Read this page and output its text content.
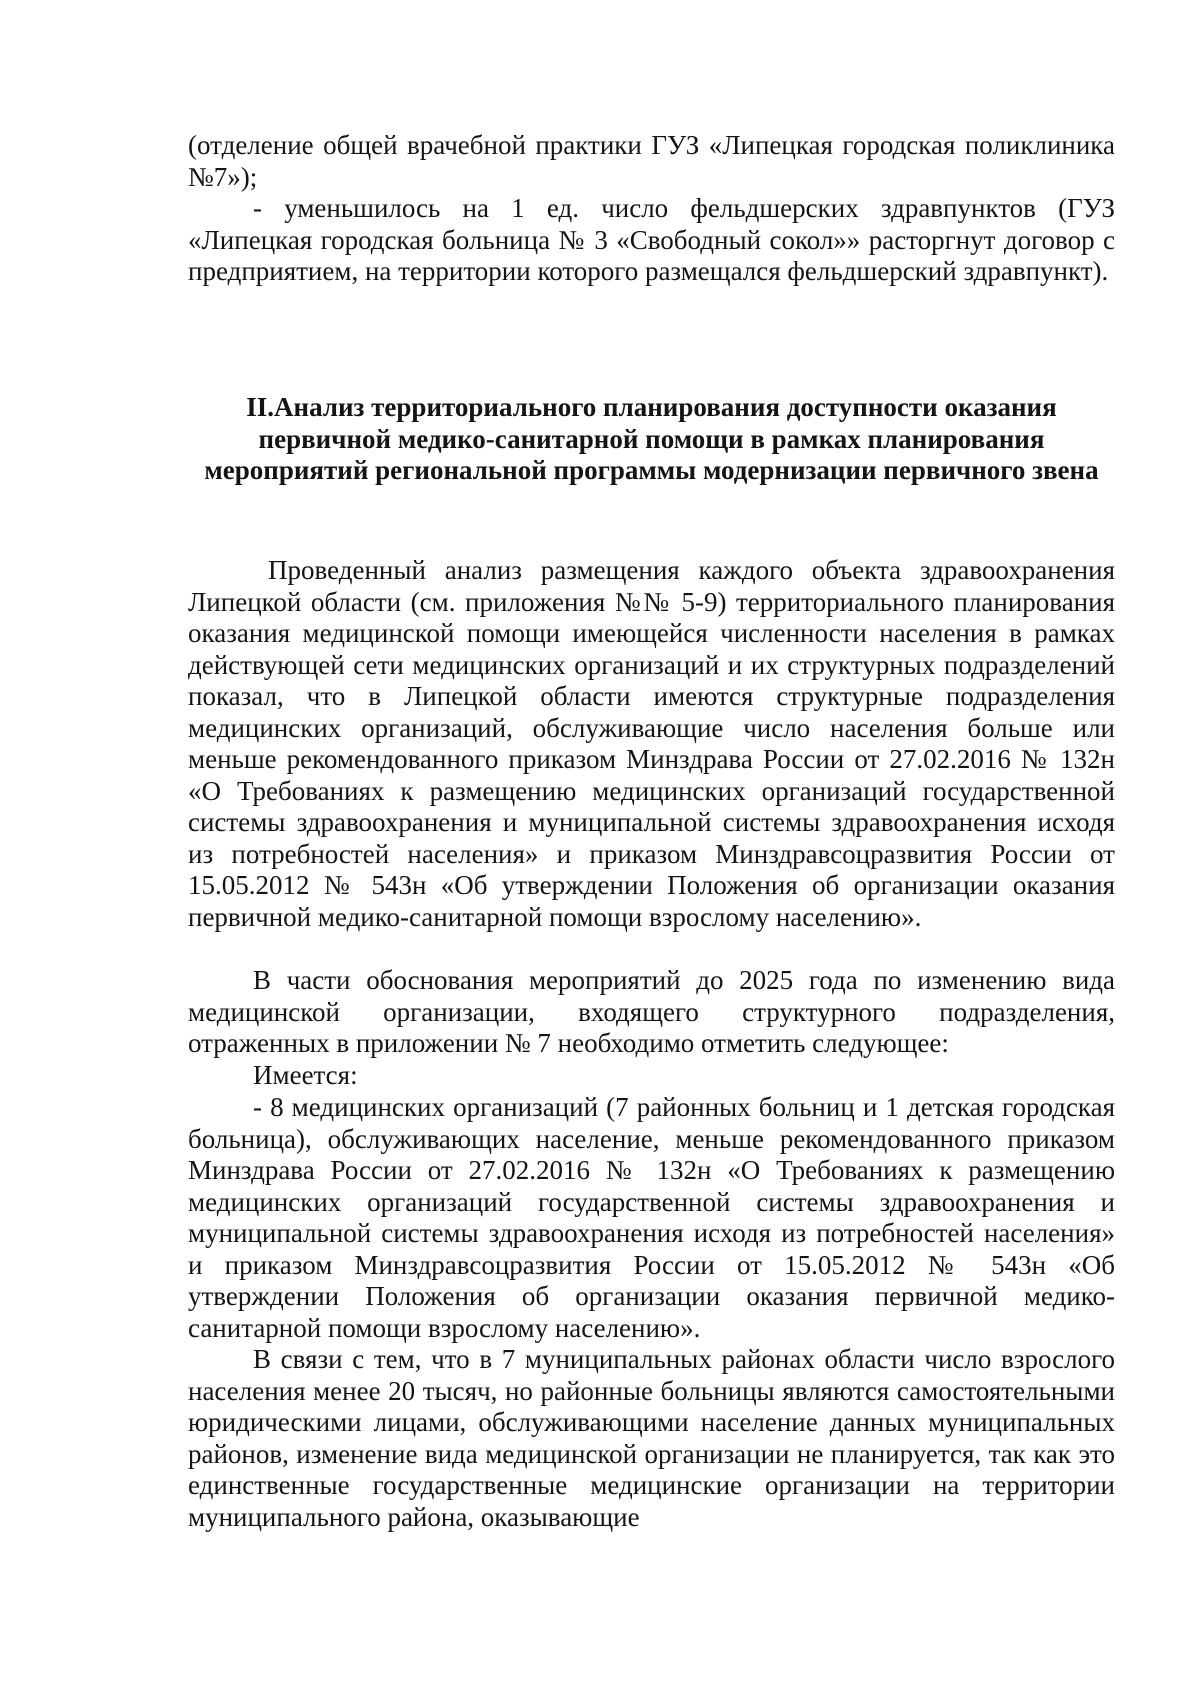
(отделение общей врачебной практики ГУЗ «Липецкая городская поликлиника №7»);

- уменьшилось на 1 ед. число фельдшерских здравпунктов (ГУЗ «Липецкая городская больница № 3 «Свободный сокол»» расторгнут договор с предприятием, на территории которого размещался фельдшерский здравпункт).

II.Анализ территориального планирования доступности оказания
первичной медико-санитарной помощи в рамках планирования
мероприятий региональной программы модернизации первичного звена

Проведенный анализ размещения каждого объекта здравоохранения Липецкой области (см. приложения №№ 5-9) территориального планирования оказания медицинской помощи имеющейся численности населения в рамках действующей сети медицинских организаций и их структурных подразделений показал, что в Липецкой области имеются структурные подразделения медицинских организаций, обслуживающие число населения больше или меньше рекомендованного приказом Минздрава России от 27.02.2016 № 132н «О Требованиях к размещению медицинских организаций государственной системы здравоохранения и муниципальной системы здравоохранения исходя из потребностей населения» и приказом Минздравсоцразвития России от 15.05.2012 № 543н «Об утверждении Положения об организации оказания первичной медико-санитарной помощи взрослому населению».

В части обоснования мероприятий до 2025 года по изменению вида медицинской организации, входящего структурного подразделения, отраженных в приложении № 7 необходимо отметить следующее:

Имеется:

- 8 медицинских организаций (7 районных больниц и 1 детская городская больница), обслуживающих население, меньше рекомендованного приказом Минздрава России от 27.02.2016 № 132н «О Требованиях к размещению медицинских организаций государственной системы здравоохранения и муниципальной системы здравоохранения исходя из потребностей населения» и приказом Минздравсоцразвития России от 15.05.2012 № 543н «Об утверждении Положения об организации оказания первичной медико-санитарной помощи взрослому населению».

В связи с тем, что в 7 муниципальных районах области число взрослого населения менее 20 тысяч, но районные больницы являются самостоятельными юридическими лицами, обслуживающими население данных муниципальных районов, изменение вида медицинской организации не планируется, так как это единственные государственные медицинские организации на территории муниципального района, оказывающие
